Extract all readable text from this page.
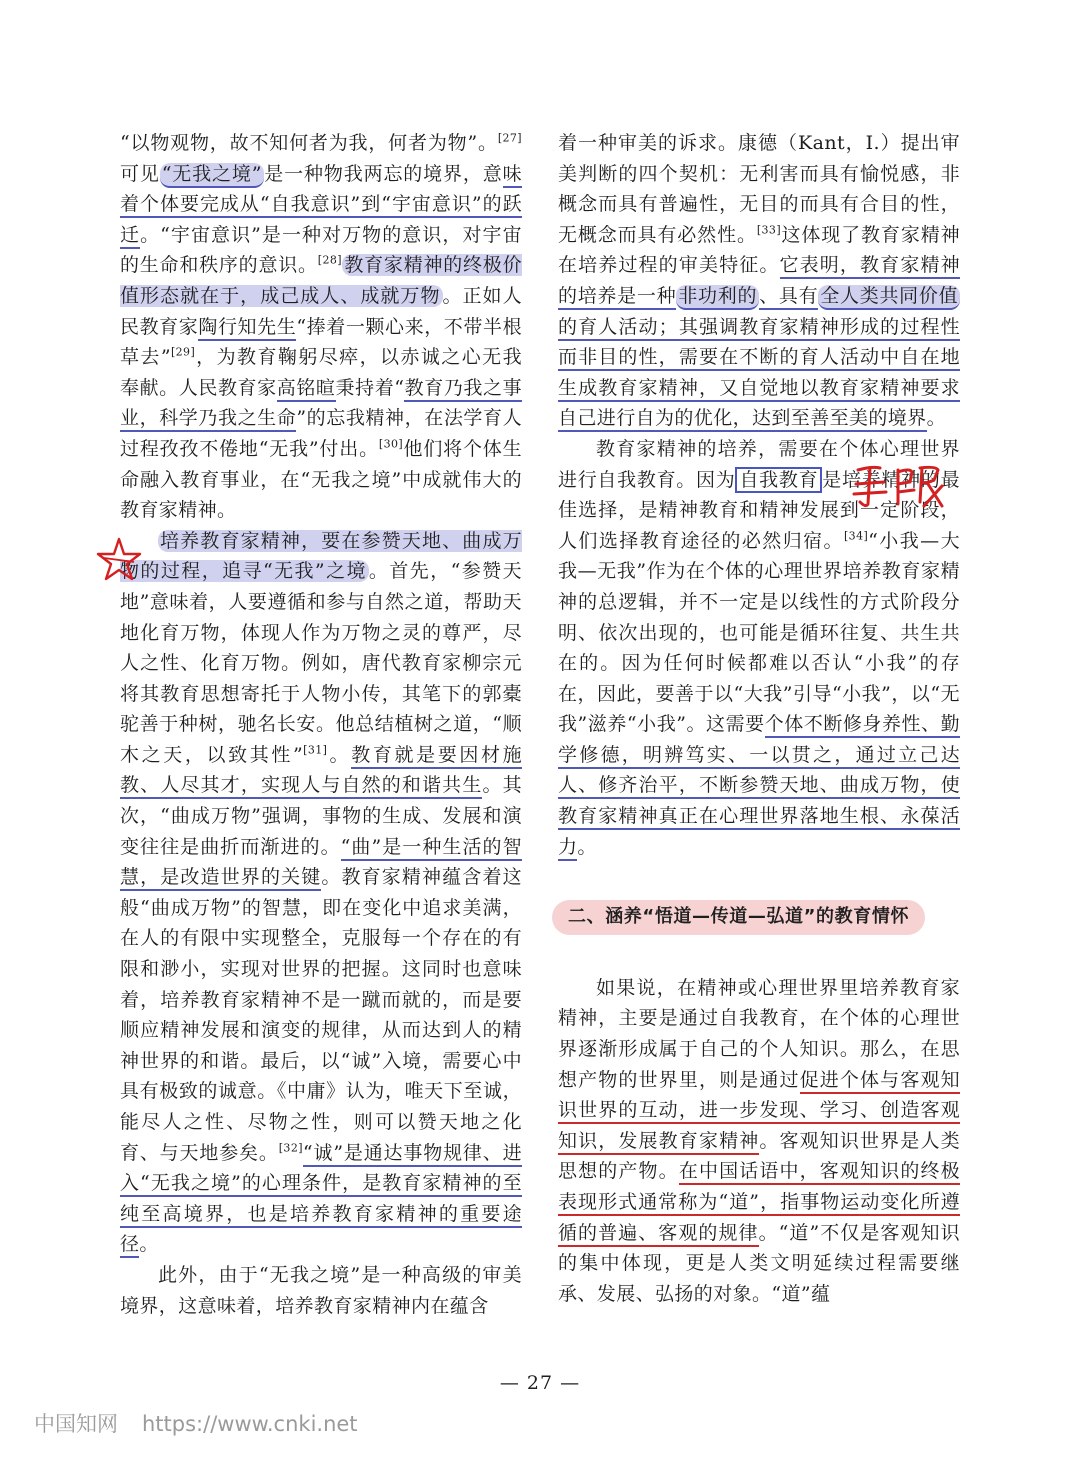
“以物观物，故不知何者为我，何者为物”。[27]可见 “无我之境” 是一种物我两忘的境界，意味着个体要完成从“自我意识”到“宇宙意识”的跃迁。“宇宙意识”是一种对万物的意识，对宇宙的生命和秩序的意识。[28] 教育家精神的终极价值形态就在于，成己成人、成就万物 。正如人民教育家陶行知先生“捧着一颗心来，不带半根草去”[29]，为教育鞠躬尽瘁，以赤诚之心无我奉献。人民教育家高铭暄秉持着“教育乃我之事业，科学乃我之生命”的忘我精神，在法学育人过程孜孜不倦地“无我”付出。[30]他们将个体生命融入教育事业，在“无我之境”中成就伟大的教育家精神。

培养教育家精神，要在参赞天地、曲成万物的过程，追寻“无我”之境 。首先，“参赞天地”意味着，人要遵循和参与自然之道，帮助天地化育万物，体现人作为万物之灵的尊严，尽人之性、化育万物。例如，唐代教育家柳宗元将其教育思想寄托于人物小传，其笔下的郭橐驼善于种树，驰名长安。他总结植树之道，“顺木之天，以致其性”[31]。教育就是要因材施教、人尽其才，实现人与自然的和谐共生。其次，“曲成万物”强调，事物的生成、发展和演变往往是曲折而渐进的。“曲”是一种生活的智慧，是改造世界的关键。教育家精神蕴含着这般“曲成万物”的智慧，即在变化中追求美满，在人的有限中实现整全，克服每一个存在的有限和渺小，实现对世界的把握。这同时也意味着，培养教育家精神不是一蹴而就的，而是要顺应精神发展和演变的规律，从而达到人的精神世界的和谐。最后，以“诚”入境，需要心中具有极致的诚意。《中庸》认为，唯天下至诚，能尽人之性、尽物之性，则可以赞天地之化育、与天地参矣。[32]“诚”是通达事物规律、进入“无我之境”的心理条件，是教育家精神的至纯至高境界，也是培养教育家精神的重要途径。

此外，由于“无我之境”是一种高级的审美境界，这意味着，培养教育家精神内在蕴含

着一种审美的诉求。康德（Kant，I.）提出审美判断的四个契机：无利害而具有愉悦感，非概念而具有普遍性，无目的而具有合目的性，无概念而具有必然性。[33]这体现了教育家精神在培养过程的审美特征。它表明，教育家精神的培养是一种 非功利的 、具有 全人类共同价值的育人活动；其强调教育家精神形成的过程性而非目的性，需要在不断的育人活动中自在地生成教育家精神，又自觉地以教育家精神要求自己进行自为的优化，达到至善至美的境界。

教育家精神的培养，需要在个体心理世界进行自我教育。因为 自我教育 是培养精神的最佳选择，是精神教育和精神发展到一定阶段，人们选择教育途径的必然归宿。[34]“小我—大我—无我”作为在个体的心理世界培养教育家精神的总逻辑，并不一定是以线性的方式阶段分明、依次出现的，也可能是循环往复、共生共在的。因为任何时候都难以否认“小我”的存在，因此，要善于以“大我”引导“小我”，以“无我”滋养“小我”。这需要个体不断修身养性、勤学修德，明辨笃实、一以贯之，通过立己达人、修齐治平，不断参赞天地、曲成万物，使教育家精神真正在心理世界落地生根、永葆活力。

二、涵养“悟道—传道—弘道”的教育情怀

如果说，在精神或心理世界里培养教育家精神，主要是通过自我教育，在个体的心理世界逐渐形成属于自己的个人知识。那么，在思想产物的世界里，则是通过促进个体与客观知识世界的互动，进一步发现、学习、创造客观知识，发展教育家精神。客观知识世界是人类思想的产物。在中国话语中，客观知识的终极表现形式通常称为“道”，指事物运动变化所遵循的普遍、客观的规律。“道”不仅是客观知识的集中体现，更是人类文明延续过程需要继承、发展、弘扬的对象。“道”蕴

— 27 —
中国知网 https://www.cnki.net
